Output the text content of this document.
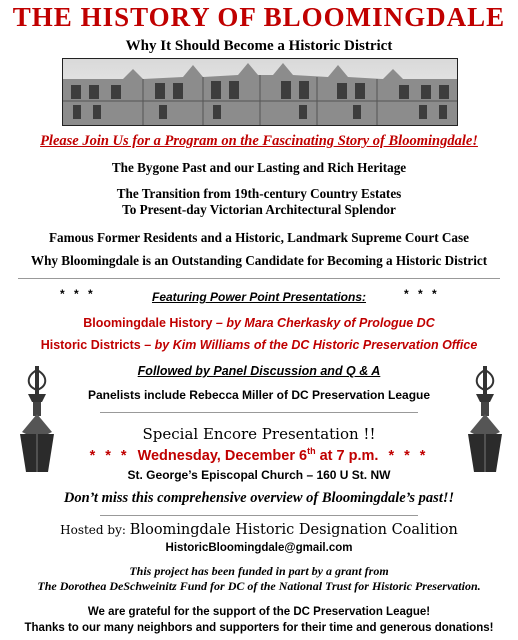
THE HISTORY OF BLOOMINGDALE
Why It Should Become a Historic District
Please Join Us for a Program on the Fascinating Story of Bloomingdale!
The Bygone Past and our Lasting and Rich Heritage
The Transition from 19th-century Country Estates
To Present-day Victorian Architectural Splendor
Famous Former Residents and a Historic, Landmark Supreme Court Case
Why Bloomingdale is an Outstanding Candidate for Becoming a Historic District
* * *	Featuring Power Point Presentations:	* * *
Bloomingdale History – by Mara Cherkasky of Prologue DC
Historic Districts – by Kim Williams of the DC Historic Preservation Office
Followed by Panel Discussion and Q & A
Panelists include Rebecca Miller of DC Preservation League
Special Encore Presentation !!
* * * Wednesday, December 6th at 7 p.m. * * *
St. George’s Episcopal Church – 160 U St. NW
Don’t miss this comprehensive overview of Bloomingdale’s past!!
Hosted by: Bloomingdale Historic Designation Coalition
HistoricBloomingdale@gmail.com
This project has been funded in part by a grant from
The Dorothea DeSchweinitz Fund for DC of the National Trust for Historic Preservation.
We are grateful for the support of the DC Preservation League!
Thanks to our many neighbors and supporters for their time and generous donations!
